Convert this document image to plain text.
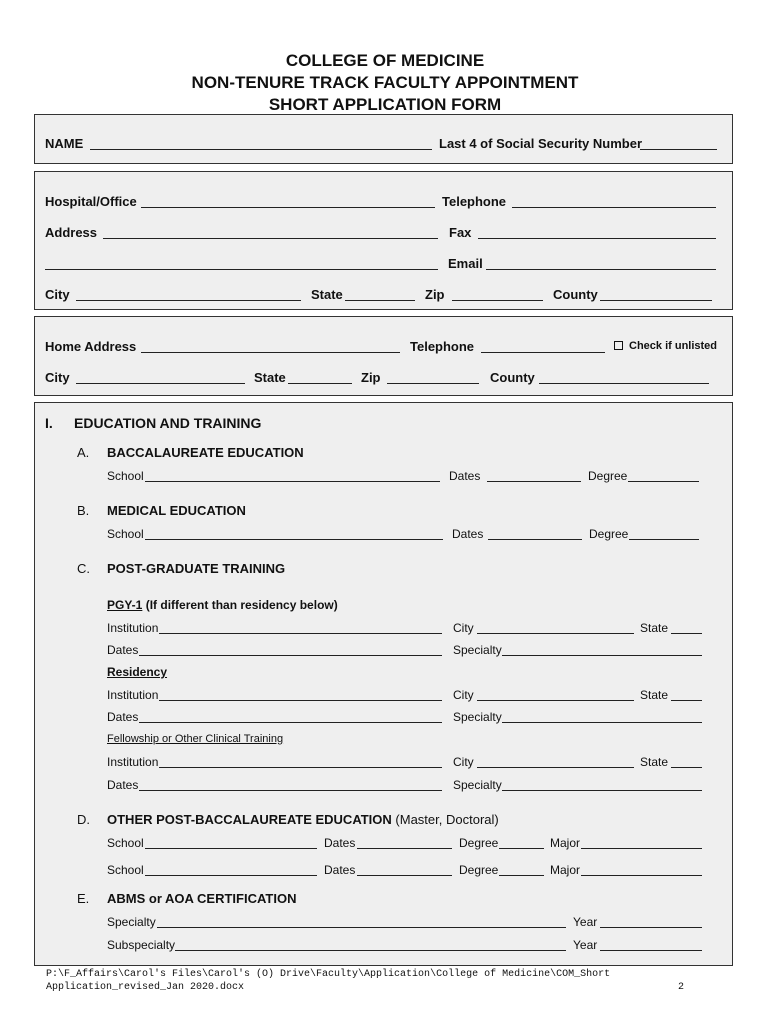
COLLEGE OF MEDICINE
NON-TENURE TRACK FACULTY APPOINTMENT
SHORT APPLICATION FORM
NAME	Last 4 of Social Security Number
Hospital/Office	Telephone
Address	Fax
Email
City	State	Zip	County
Home Address	Telephone	Check if unlisted
City	State	Zip	County
I. EDUCATION AND TRAINING
A. BACCALAUREATE EDUCATION
School	Dates	Degree
B. MEDICAL EDUCATION
School	Dates	Degree
C. POST-GRADUATE TRAINING
PGY-1 (If different than residency below)
Institution	City	State
Dates	Specialty
Residency
Institution	City	State
Dates	Specialty
Fellowship or Other Clinical Training
Institution	City	State
Dates	Specialty
D. OTHER POST-BACCALAUREATE EDUCATION (Master, Doctoral)
School	Dates	Degree	Major
School	Dates	Degree	Major
E. ABMS or AOA CERTIFICATION
Specialty	Year
Subspecialty	Year
P:\F_Affairs\Carol's Files\Carol's (O) Drive\Faculty\Application\College of Medicine\COM_Short
Application_revised_Jan 2020.docx	2
